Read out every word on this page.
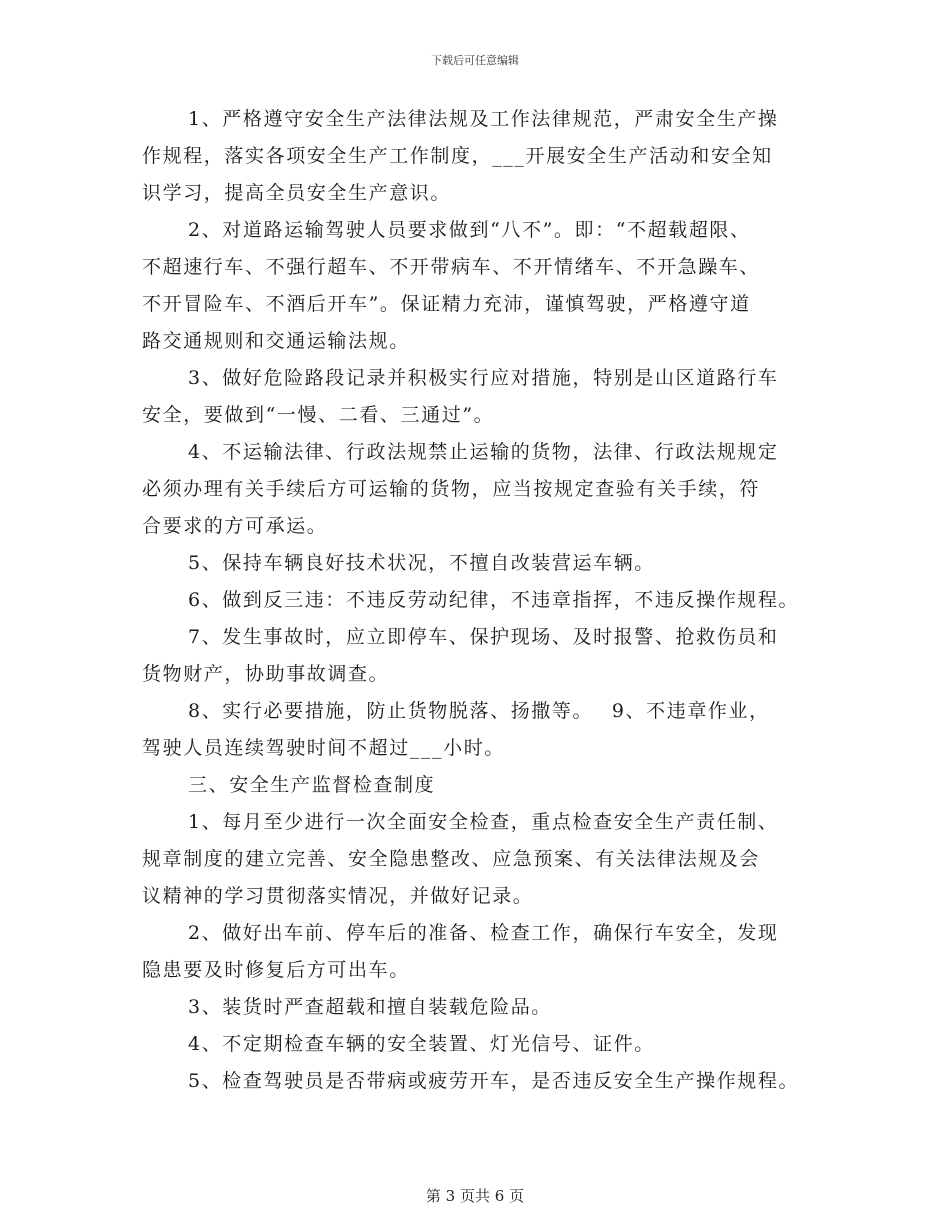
下载后可任意编辑
1、严格遵守安全生产法律法规及工作法律规范，严肃安全生产操
作规程，落实各项安全生产工作制度，___开展安全生产活动和安全知
识学习，提高全员安全生产意识。
2、对道路运输驾驶人员要求做到“八不”。即：“不超载超限、
不超速行车、不强行超车、不开带病车、不开情绪车、不开急躁车、
不开冒险车、不酒后开车”。保证精力充沛，谨慎驾驶，严格遵守道
路交通规则和交通运输法规。
3、做好危险路段记录并积极实行应对措施，特别是山区道路行车
安全，要做到“一慢、二看、三通过”。
4、不运输法律、行政法规禁止运输的货物，法律、行政法规规定
必须办理有关手续后方可运输的货物，应当按规定查验有关手续，符
合要求的方可承运。
5、保持车辆良好技术状况，不擅自改装营运车辆。
6、做到反三违：不违反劳动纪律，不违章指挥，不违反操作规程。
7、发生事故时，应立即停车、保护现场、及时报警、抢救伤员和
货物财产，协助事故调查。
8、实行必要措施，防止货物脱落、扬撒等。　 9、不违章作业，
驾驶人员连续驾驶时间不超过___小时。
三、安全生产监督检查制度
1、每月至少进行一次全面安全检查，重点检查安全生产责任制、
规章制度的建立完善、安全隐患整改、应急预案、有关法律法规及会
议精神的学习贯彻落实情况，并做好记录。
2、做好出车前、停车后的准备、检查工作，确保行车安全，发现
隐患要及时修复后方可出车。
3、装货时严查超载和擅自装载危险品。
4、不定期检查车辆的安全装置、灯光信号、证件。
5、检查驾驶员是否带病或疲劳开车，是否违反安全生产操作规程。
第 3 页共 6 页
